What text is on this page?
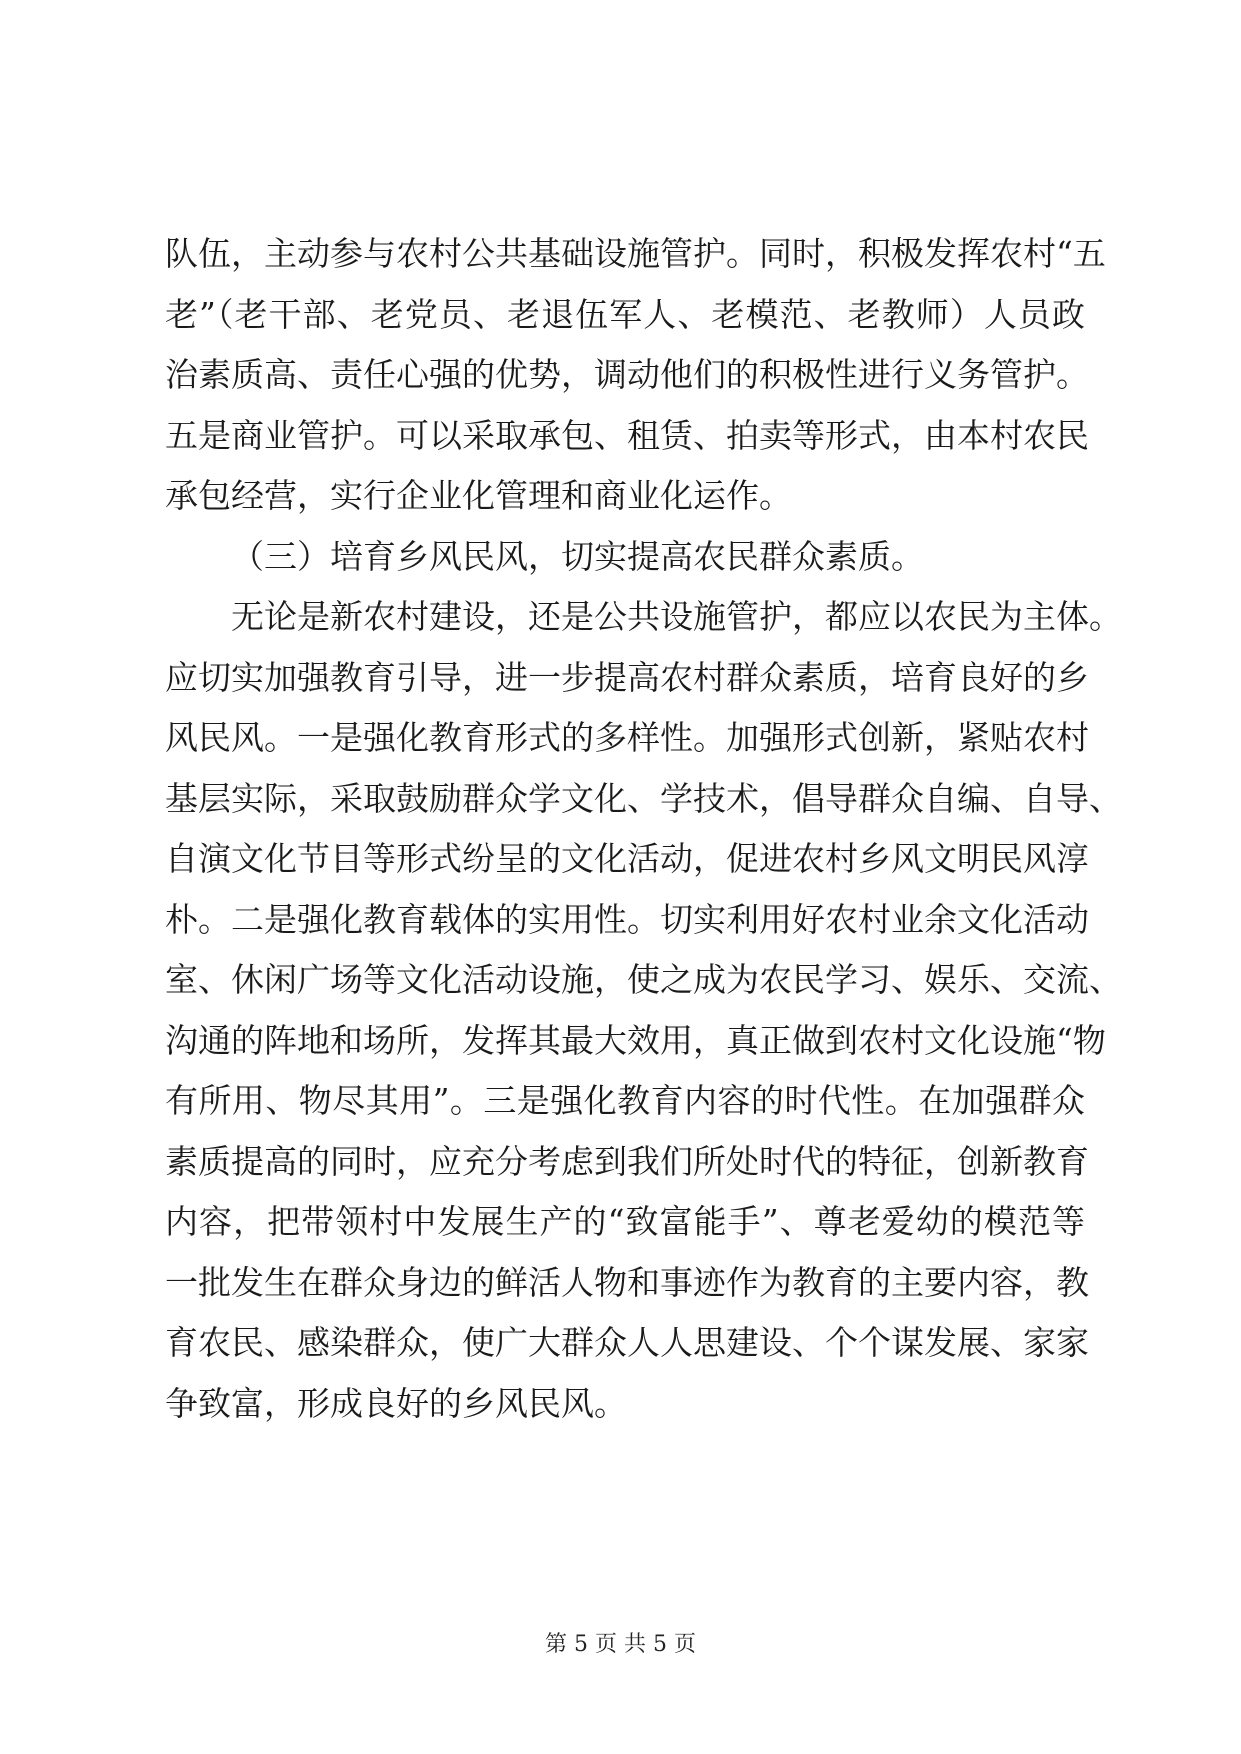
队伍，主动参与农村公共基础设施管护。同时，积极发挥农村“五
老”（老干部、老党员、老退伍军人、老模范、老教师）人员政
治素质高、责任心强的优势，调动他们的积极性进行义务管护。
五是商业管护。可以采取承包、租赁、拍卖等形式，由本村农民
承包经营，实行企业化管理和商业化运作。
（三）培育乡风民风，切实提高农民群众素质。
无论是新农村建设，还是公共设施管护，都应以农民为主体。
应切实加强教育引导，进一步提高农村群众素质，培育良好的乡
风民风。一是强化教育形式的多样性。加强形式创新，紧贴农村
基层实际，采取鼓励群众学文化、学技术，倡导群众自编、自导、
自演文化节目等形式纷呈的文化活动，促进农村乡风文明民风淳
朴。二是强化教育载体的实用性。切实利用好农村业余文化活动
室、休闲广场等文化活动设施，使之成为农民学习、娱乐、交流、
沟通的阵地和场所，发挥其最大效用，真正做到农村文化设施“物
有所用、物尽其用”。三是强化教育内容的时代性。在加强群众
素质提高的同时，应充分考虑到我们所处时代的特征，创新教育
内容，把带领村中发展生产的“致富能手”、尊老爱幼的模范等
一批发生在群众身边的鲜活人物和事迹作为教育的主要内容，教
育农民、感染群众，使广大群众人人思建设、个个谋发展、家家
争致富，形成良好的乡风民风。
第 5 页 共 5 页
